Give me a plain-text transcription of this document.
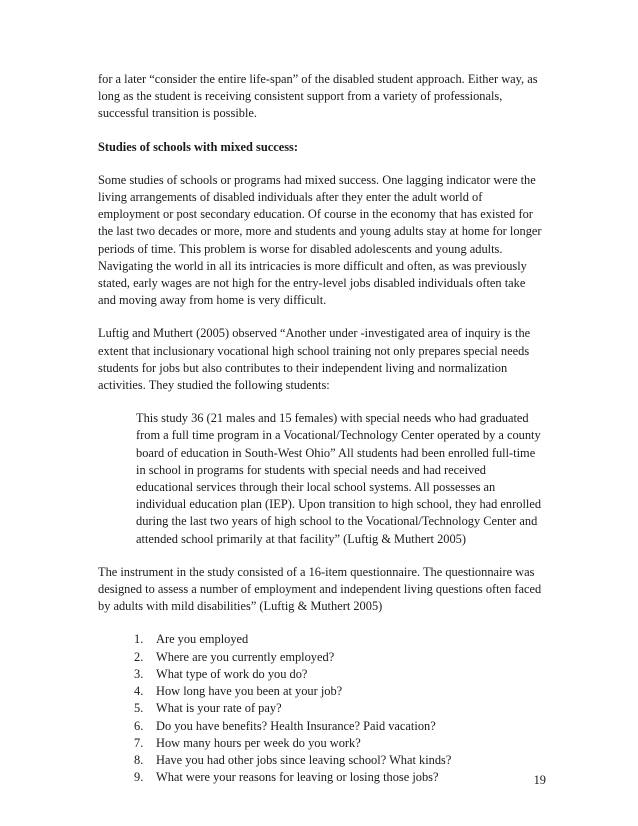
for a later “consider the entire life-span” of the disabled student approach. Either way, as long as the student is receiving consistent support from a variety of professionals, successful transition is possible.

Studies of schools with mixed success:

Some studies of schools or programs had mixed success. One lagging indicator were the living arrangements of disabled individuals after they enter the adult world of employment or post secondary education. Of course in the economy that has existed for the last two decades or more, more and students and young adults stay at home for longer periods of time. This problem is worse for disabled adolescents and young adults. Navigating the world in all its intricacies is more difficult and often, as was previously stated, early wages are not high for the entry-level jobs disabled individuals often take and moving away from home is very difficult.

Luftig and Muthert (2005) observed “Another under -investigated area of inquiry is the extent that inclusionary vocational high school training not only prepares special needs students for jobs but also contributes to their independent living and normalization activities. They studied the following students:

This study 36 (21 males and 15 females) with special needs who had graduated from a full time program in a Vocational/Technology Center operated by a county board of education in South-West Ohio” All students had been enrolled full-time in school in programs for students with special needs and had received educational services through their local school systems. All possesses an individual education plan (IEP). Upon transition to high school, they had enrolled during the last two years of high school to the Vocational/Technology Center and attended school primarily at that facility” (Luftig & Muthert 2005)

The instrument in the study consisted of a 16-item questionnaire. The questionnaire was designed to assess a number of employment and independent living questions often faced by adults with mild disabilities” (Luftig & Muthert 2005)

1. Are you employed
2. Where are you currently employed?
3. What type of work do you do?
4. How long have you been at your job?
5. What is your rate of pay?
6. Do you have benefits? Health Insurance? Paid vacation?
7. How many hours per week do you work?
8. Have you had other jobs since leaving school? What kinds?
9. What were your reasons for leaving or losing those jobs?	19
